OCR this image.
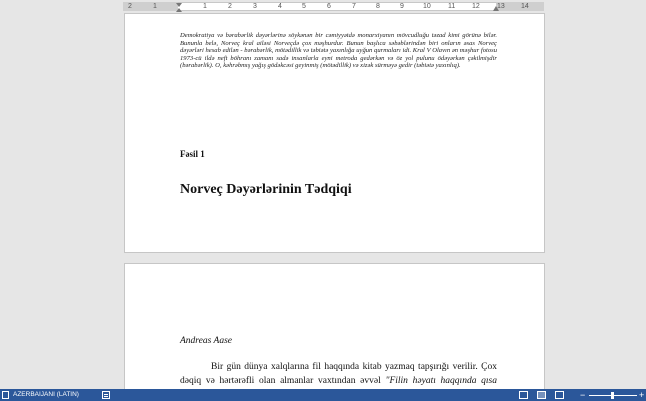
2	1	1	2	3	4	5	6	7	8	9	10 11 12 13 14

Demokratiya və bərabərlik dəyərlərinə söykənən bir cəmiyyətdə monarxiyanın mövcudluğu təzad kimi görünə bilər. Bununla belə, Norveç kral ailəsi Norveçdə çox məşhurdur. Bunun başlıca səbəblərindən biri onların əsas Norveç dəyərləri hesab edilən - bərabərlik, mötədillik və təbiətə yaxınlığa uyğun qurmaları idi. Kral V Olavın ən məşhur fotosu 1973-cü ildə neft böhranı zamanı sadə insanlarla eyni metroda gedərkən və öz yol pulunu ödəyərkən çəkilmişdir (bərabərlik). O, kəhrəbmış yağış gödəkcəsi geyinmiş (mötədillik) və xizək sürməyə gedir (təbiətə yaxınlıq).

Fəsil 1
Norveç Dəyərlərinin Tədqiqi
Andreas Aase

Bir gün dünya xalqlarına fil haqqında kitab yazmaq tapşırığı verilir. Çox dəqiq və hərtərəfli olan almanlar vaxtından əvvəl "Filin həyatı haqqında qısa

AZERBAIJANI (LATIN)	−	+
